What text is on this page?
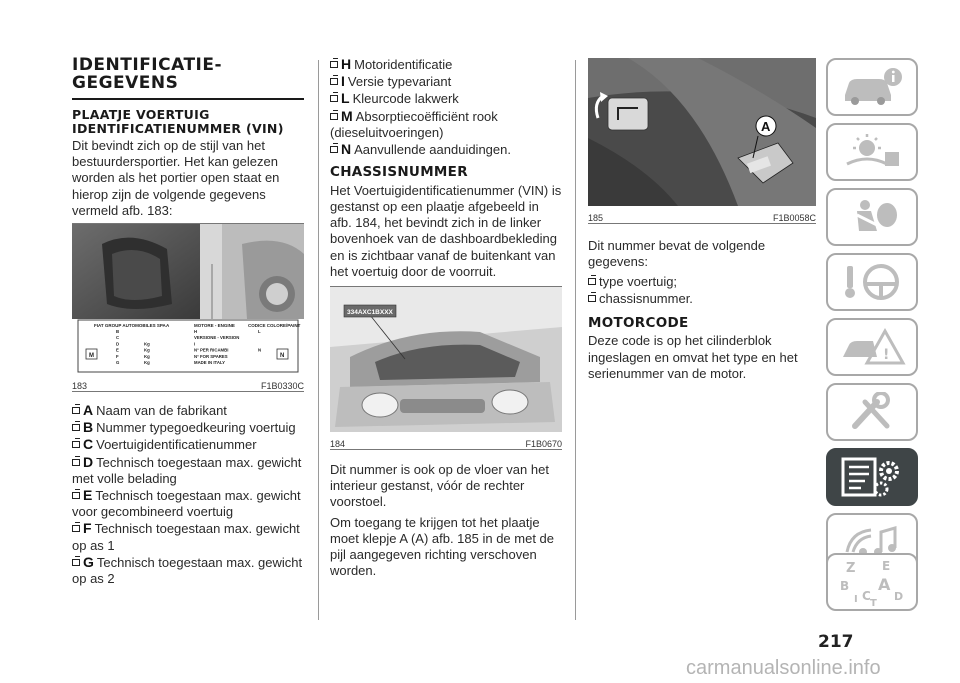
IDENTIFICATIE-
GEGEVENS
PLAATJE VOERTUIG IDENTIFICATIENUMMER (VIN)
Dit bevindt zich op de stijl van het bestuurdersportier. Het kan gelezen worden als het portier open staat en hierop zijn de volgende gegevens vermeld afb. 183:
FIAT GROUP AUTOMOBILES SPA A	MOTORE - ENGINE	CODICE COLORE/PAINT
B	H	L
C	VERSIONE - VERSION
D	Kg	I
E	Kg	N° PER RICAMBI	N
F	Kg	N° FOR SPARES
G	Kg	MADE IN ITALY
M	N
183	F1B0330C
A Naam van de fabrikant
B Nummer typegoedkeuring voertuig
C Voertuigidentificatienummer
D Technisch toegestaan max. gewicht met volle belading
E Technisch toegestaan max. gewicht voor gecombineerd voertuig
F Technisch toegestaan max. gewicht op as 1
G Technisch toegestaan max. gewicht op as 2
H Motoridentificatie
I Versie typevariant
L Kleurcode lakwerk
M Absorptiecoëfficiënt rook (dieseluitvoeringen)
N Aanvullende aanduidingen.
CHASSISNUMMER
Het Voertuigidentificatienummer (VIN) is gestanst op een plaatje afgebeeld in afb. 184, het bevindt zich in de linker bovenhoek van de dashboardbekleding en is zichtbaar vanaf de buitenkant van het voertuig door de voorruit.
334AXC1BXXX
184	F1B0670
Dit nummer is ook op de vloer van het interieur gestanst, vóór de rechter voorstoel.
Om toegang te krijgen tot het plaatje moet klepje A (A) afb. 185 in de met de pijl aangegeven richting verschoven worden.
A
185	F1B0058C
Dit nummer bevat de volgende gegevens:
type voertuig;
chassisnummer.
MOTORCODE
Deze code is op het cilinderblok ingeslagen en omvat het type en het serienummer van de motor.
!
Z E
A
B
D
I C
T
217
carmanualsonline.info
